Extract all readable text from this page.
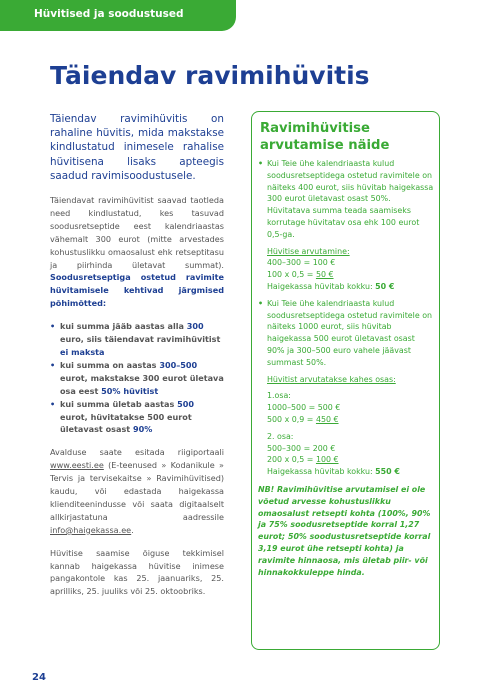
Hüvitised ja soodustused
Täiendav ravimihüvitis

Täiendav ravimihüvitis on rahaline hüvitis, mida makstakse kindlustatud inimesele rahalise hüvitisena lisaks apteegis saadud ravimisoodustusele.

Täiendavat ravimihüvitist saavad taotleda need kindlustatud, kes tasuvad soodusretseptide eest kalendriaastas vähemalt 300 eurot (mitte arvestades kohustuslikku omaosalust ehk retseptitasu ja piirhinda ületavat summat). Soodusretseptiga ostetud ravimite hüvitamisele kehtivad järgmised põhimõtted:

• kui summa jääb aastas alla 300 euro, siis täiendavat ravimihüvitist ei maksta
• kui summa on aastas 300–500 eurot, makstakse 300 eurot ületava osa eest 50% hüvitist
• kui summa ületab aastas 500 eurot, hüvitatakse 500 eurot ületavast osast 90%

Avalduse saate esitada riigiportaali www.eesti.ee (E-teenused » Kodanikule » Tervis ja tervisekaitse » Ravimihüvitised) kaudu, või edastada haigekassa klienditeenindusse või saata digitaalselt allkirjastatuna aadressile info@haigekassa.ee.

Hüvitise saamise õiguse tekkimisel kannab haigekassa hüvitise inimese pangakontole kas 25. jaanuariks, 25. aprilliks, 25. juuliks või 25. oktoobriks.

Ravimihüvitise arvutamise näide
• Kui Teie ühe kalendriaasta kulud soodusretseptidega ostetud ravimitele on näiteks 400 eurot, siis hüvitab haigekassa 300 eurot ületavast osast 50%. Hüvitatava summa teada saamiseks korrutage hüvitatav osa ehk 100 eurot 0,5-ga.
Hüvitise arvutamine:
400–300 = 100 €
100 x 0,5 = 50 €
Haigekassa hüvitab kokku: 50 €
• Kui Teie ühe kalendriaasta kulud soodusretseptidega ostetud ravimitele on näiteks 1000 eurot, siis hüvitab haigekassa 500 eurot ületavast osast 90% ja 300–500 euro vahele jäävast summast 50%.
Hüvitist arvutatakse kahes osas:
1.osa:
1000–500 = 500 €
500 x 0,9 = 450 €
2. osa:
500–300 = 200 €
200 x 0,5 = 100 €
Haigekassa hüvitab kokku: 550 €
NB! Ravimihüvitise arvutamisel ei ole võetud arvesse kohustuslikku omaosalust retsepti kohta (100%, 90% ja 75% soodusretseptide korral 1,27 eurot; 50% soodustusretseptide korral 3,19 eurot ühe retsepti kohta) ja ravimite hinnaosa, mis ületab piir- või hinnakokkuleppe hinda.
24
